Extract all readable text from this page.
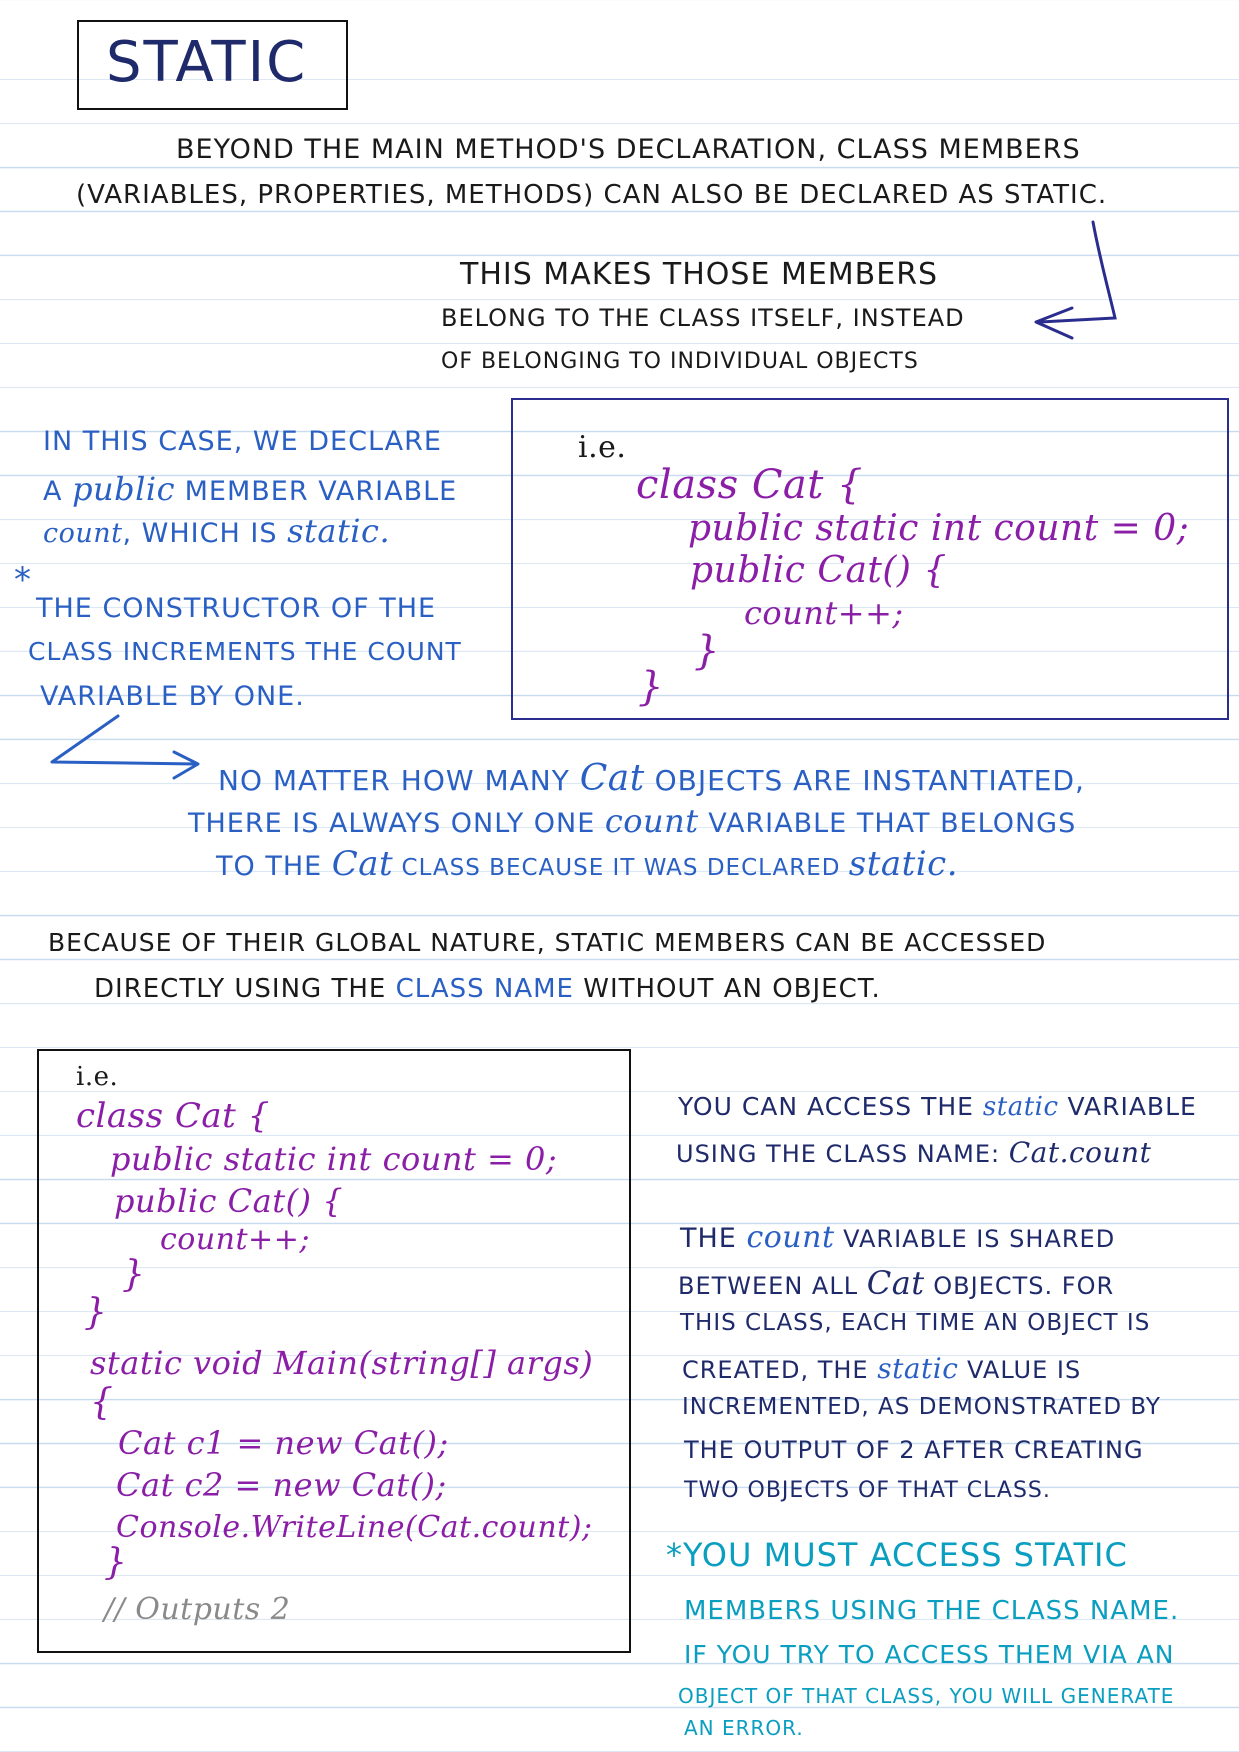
STATIC
BEYOND THE MAIN METHOD'S DECLARATION, CLASS MEMBERS
(VARIABLES, PROPERTIES, METHODS) CAN ALSO BE DECLARED AS STATIC.
THIS MAKES THOSE MEMBERS
BELONG TO THE CLASS ITSELF, INSTEAD
OF BELONGING TO INDIVIDUAL OBJECTS
IN THIS CASE, WE DECLARE
A public MEMBER VARIABLE
count, WHICH IS static.
*
THE CONSTRUCTOR OF THE
CLASS INCREMENTS THE COUNT
VARIABLE BY ONE.
i.e.
class Cat {
public static int count = 0;
public Cat() {
count++;
}
}
NO MATTER HOW MANY Cat OBJECTS ARE INSTANTIATED,
THERE IS ALWAYS ONLY ONE count VARIABLE THAT BELONGS
TO THE Cat CLASS BECAUSE IT WAS DECLARED static.
BECAUSE OF THEIR GLOBAL NATURE, STATIC MEMBERS CAN BE ACCESSED
DIRECTLY USING THE CLASS NAME WITHOUT AN OBJECT.
i.e.
class Cat {
public static int count = 0;
public Cat() {
count++;
}
}
static void Main(string[] args)
{
Cat c1 = new Cat();
Cat c2 = new Cat();
Console.WriteLine(Cat.count);
}
// Outputs 2
YOU CAN ACCESS THE static VARIABLE
USING THE CLASS NAME: Cat.count
THE count VARIABLE IS SHARED
BETWEEN ALL Cat OBJECTS. FOR
THIS CLASS, EACH TIME AN OBJECT IS
CREATED, THE static VALUE IS
INCREMENTED, AS DEMONSTRATED BY
THE OUTPUT OF 2 AFTER CREATING
TWO OBJECTS OF THAT CLASS.
*YOU MUST ACCESS STATIC
MEMBERS USING THE CLASS NAME.
IF YOU TRY TO ACCESS THEM VIA AN
OBJECT OF THAT CLASS, YOU WILL GENERATE
AN ERROR.
